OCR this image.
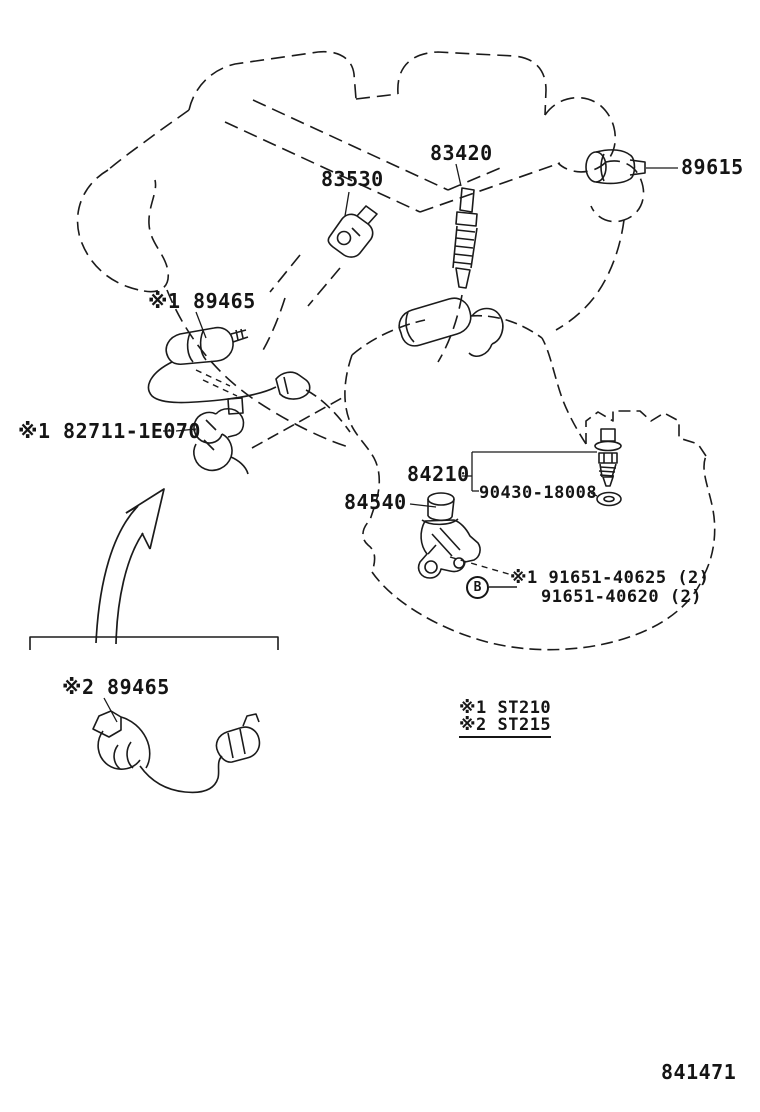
83530
83420
89615
※1 89465
※1 82711-1E070
84210
90430-18008
84540
B ※1 91651-40625 (2)
91651-40620 (2)
※2 89465
※1 ST210
※2 ST215
841471
